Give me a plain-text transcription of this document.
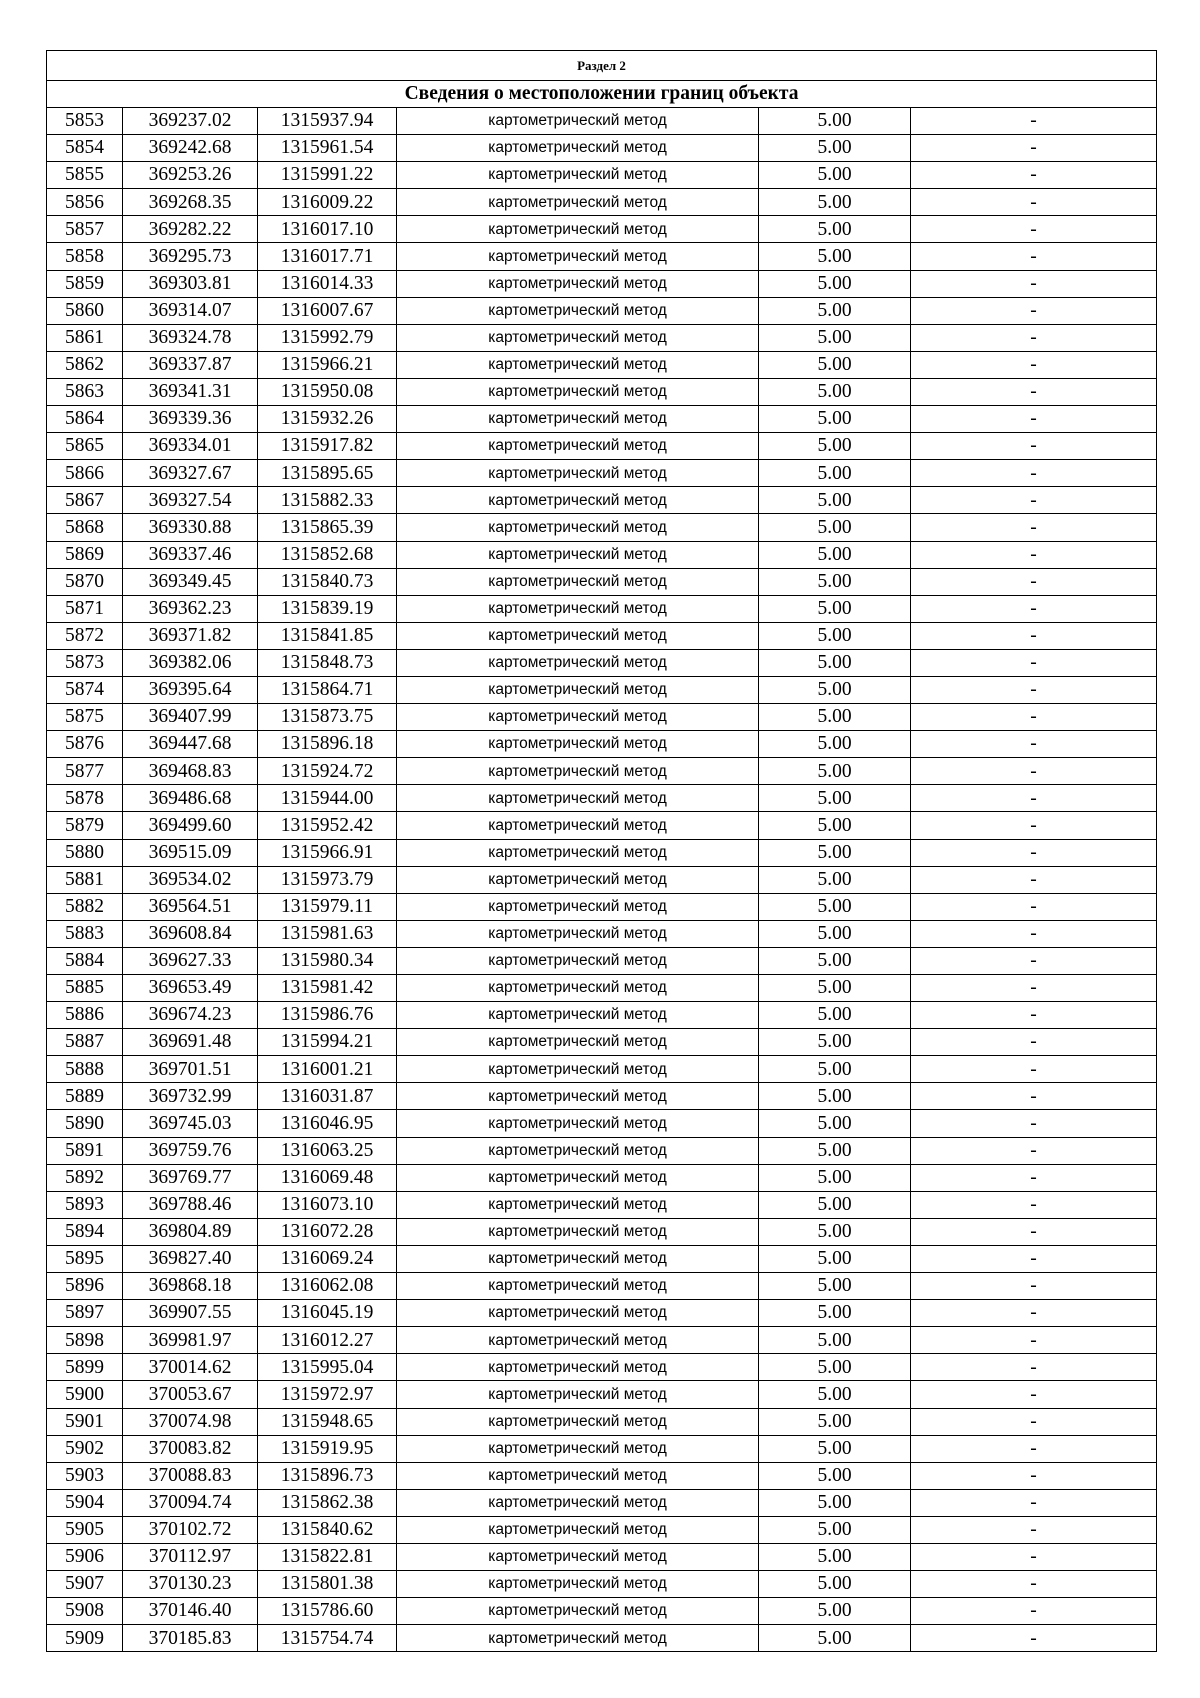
Раздел 2					
Сведения о местоположении границ объекта					
5853	369237.02	1315937.94	картометрический метод	5.00	-
5854	369242.68	1315961.54	картометрический метод	5.00	-
5855	369253.26	1315991.22	картометрический метод	5.00	-
5856	369268.35	1316009.22	картометрический метод	5.00	-
5857	369282.22	1316017.10	картометрический метод	5.00	-
5858	369295.73	1316017.71	картометрический метод	5.00	-
5859	369303.81	1316014.33	картометрический метод	5.00	-
5860	369314.07	1316007.67	картометрический метод	5.00	-
5861	369324.78	1315992.79	картометрический метод	5.00	-
5862	369337.87	1315966.21	картометрический метод	5.00	-
5863	369341.31	1315950.08	картометрический метод	5.00	-
5864	369339.36	1315932.26	картометрический метод	5.00	-
5865	369334.01	1315917.82	картометрический метод	5.00	-
5866	369327.67	1315895.65	картометрический метод	5.00	-
5867	369327.54	1315882.33	картометрический метод	5.00	-
5868	369330.88	1315865.39	картометрический метод	5.00	-
5869	369337.46	1315852.68	картометрический метод	5.00	-
5870	369349.45	1315840.73	картометрический метод	5.00	-
5871	369362.23	1315839.19	картометрический метод	5.00	-
5872	369371.82	1315841.85	картометрический метод	5.00	-
5873	369382.06	1315848.73	картометрический метод	5.00	-
5874	369395.64	1315864.71	картометрический метод	5.00	-
5875	369407.99	1315873.75	картометрический метод	5.00	-
5876	369447.68	1315896.18	картометрический метод	5.00	-
5877	369468.83	1315924.72	картометрический метод	5.00	-
5878	369486.68	1315944.00	картометрический метод	5.00	-
5879	369499.60	1315952.42	картометрический метод	5.00	-
5880	369515.09	1315966.91	картометрический метод	5.00	-
5881	369534.02	1315973.79	картометрический метод	5.00	-
5882	369564.51	1315979.11	картометрический метод	5.00	-
5883	369608.84	1315981.63	картометрический метод	5.00	-
5884	369627.33	1315980.34	картометрический метод	5.00	-
5885	369653.49	1315981.42	картометрический метод	5.00	-
5886	369674.23	1315986.76	картометрический метод	5.00	-
5887	369691.48	1315994.21	картометрический метод	5.00	-
5888	369701.51	1316001.21	картометрический метод	5.00	-
5889	369732.99	1316031.87	картометрический метод	5.00	-
5890	369745.03	1316046.95	картометрический метод	5.00	-
5891	369759.76	1316063.25	картометрический метод	5.00	-
5892	369769.77	1316069.48	картометрический метод	5.00	-
5893	369788.46	1316073.10	картометрический метод	5.00	-
5894	369804.89	1316072.28	картометрический метод	5.00	-
5895	369827.40	1316069.24	картометрический метод	5.00	-
5896	369868.18	1316062.08	картометрический метод	5.00	-
5897	369907.55	1316045.19	картометрический метод	5.00	-
5898	369981.97	1316012.27	картометрический метод	5.00	-
5899	370014.62	1315995.04	картометрический метод	5.00	-
5900	370053.67	1315972.97	картометрический метод	5.00	-
5901	370074.98	1315948.65	картометрический метод	5.00	-
5902	370083.82	1315919.95	картометрический метод	5.00	-
5903	370088.83	1315896.73	картометрический метод	5.00	-
5904	370094.74	1315862.38	картометрический метод	5.00	-
5905	370102.72	1315840.62	картометрический метод	5.00	-
5906	370112.97	1315822.81	картометрический метод	5.00	-
5907	370130.23	1315801.38	картометрический метод	5.00	-
5908	370146.40	1315786.60	картометрический метод	5.00	-
5909	370185.83	1315754.74	картометрический метод	5.00	-
